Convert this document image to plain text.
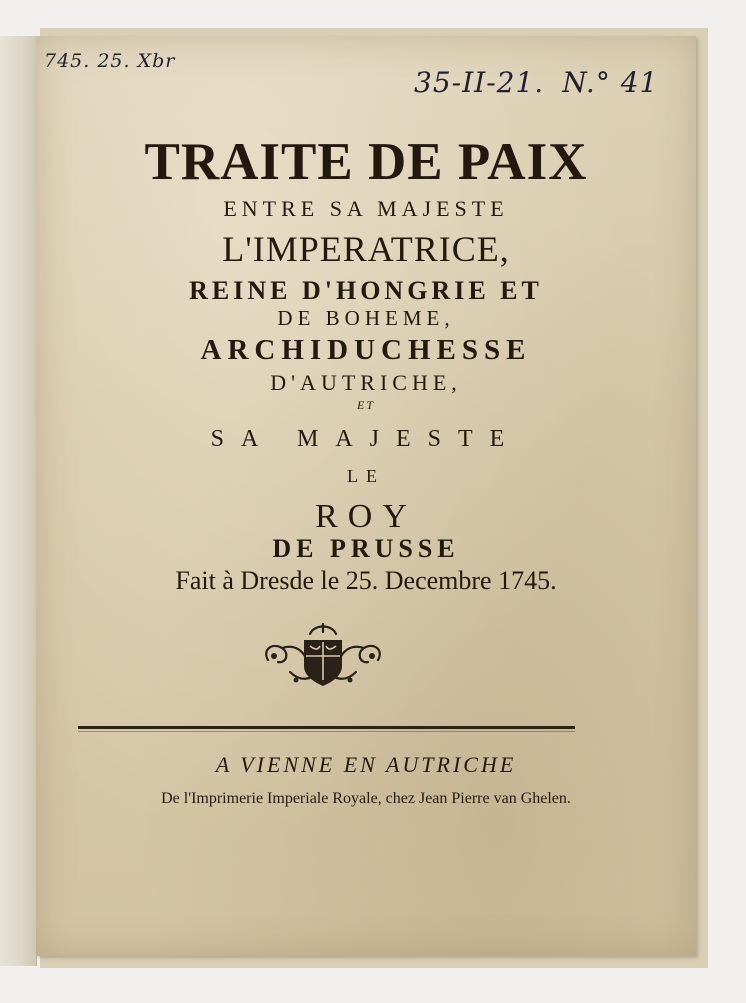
745. 25. Xbr
35-II-21. N.° 41
TRAITE DE PAIX
ENTRE SA MAJESTE
L'IMPERATRICE,
REINE D'HONGRIE ET
DE BOHEME,
ARCHIDUCHESSE
D'AUTRICHE,
ET
SA MAJESTE
LE
ROY
DE PRUSSE
Fait à Dresde le 25. Decembre 1745.
A VIENNE EN AUTRICHE
De l'Imprimerie Imperiale Royale, chez Jean Pierre van Ghelen.
